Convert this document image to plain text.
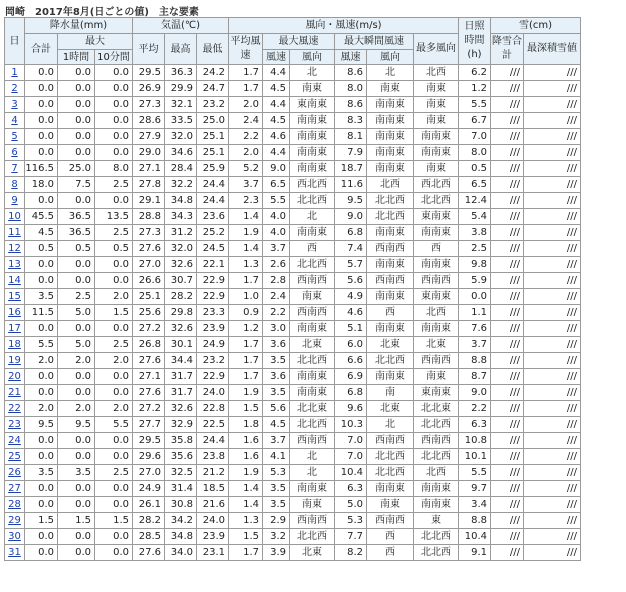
岡崎　2017年8月(日ごとの値)　主な要素
日	降水量(mm)			気温(℃)			風向・風速(m/s)						日照時間(h)	雪(cm)	
	合計	最大		平均	最高	最低	平均風速	最大風速		最大瞬間風速		最多風向		降雪合計	最深積雪値
		1時間	10分間					風速	風向	風速	風向				
1	0.0	0.0	0.0	29.5	36.3	24.2	1.7	4.4	北	8.6	北	北西	6.2	///	///
2	0.0	0.0	0.0	26.9	29.9	24.7	1.7	4.5	南東	8.0	南東	南東	1.2	///	///
3	0.0	0.0	0.0	27.3	32.1	23.2	2.0	4.4	東南東	8.6	南南東	南東	5.5	///	///
4	0.0	0.0	0.0	28.6	33.5	25.0	2.4	4.5	南南東	8.3	南南東	南東	6.7	///	///
5	0.0	0.0	0.0	27.9	32.0	25.1	2.2	4.6	南南東	8.1	南南東	南南東	7.0	///	///
6	0.0	0.0	0.0	29.0	34.6	25.1	2.0	4.4	南南東	7.9	南南東	南南東	8.0	///	///
7	116.5	25.0	8.0	27.1	28.4	25.9	5.2	9.0	南南東	18.7	南南東	南東	0.5	///	///
8	18.0	7.5	2.5	27.8	32.2	24.4	3.7	6.5	西北西	11.6	北西	西北西	6.5	///	///
9	0.0	0.0	0.0	29.1	34.8	24.4	2.3	5.5	北北西	9.5	北北西	北北西	12.4	///	///
10	45.5	36.5	13.5	28.8	34.3	23.6	1.4	4.0	北	9.0	北北西	東南東	5.4	///	///
11	4.5	36.5	2.5	27.3	31.2	25.2	1.9	4.0	南南東	6.8	南南東	南南東	3.8	///	///
12	0.5	0.5	0.5	27.6	32.0	24.5	1.4	3.7	西	7.4	西南西	西	2.5	///	///
13	0.0	0.0	0.0	27.0	32.6	22.1	1.3	2.6	北北西	5.7	南南東	南南東	9.8	///	///
14	0.0	0.0	0.0	26.6	30.7	22.9	1.7	2.8	西南西	5.6	西南西	西南西	5.9	///	///
15	3.5	2.5	2.0	25.1	28.2	22.9	1.0	2.4	南東	4.9	南南東	東南東	0.0	///	///
16	11.5	5.0	1.5	25.6	29.8	23.3	0.9	2.2	西南西	4.6	西	北西	1.1	///	///
17	0.0	0.0	0.0	27.2	32.6	23.9	1.2	3.0	南南東	5.1	南南東	南南東	7.6	///	///
18	5.5	5.0	2.5	26.8	30.1	24.9	1.7	3.6	北東	6.0	北東	北東	3.7	///	///
19	2.0	2.0	2.0	27.6	34.4	23.2	1.7	3.5	北北西	6.6	北北西	西南西	8.8	///	///
20	0.0	0.0	0.0	27.1	31.7	22.9	1.7	3.6	南南東	6.9	南南東	南東	8.7	///	///
21	0.0	0.0	0.0	27.6	31.7	24.0	1.9	3.5	南南東	6.8	南	東南東	9.0	///	///
22	2.0	2.0	2.0	27.2	32.6	22.8	1.5	5.6	北北東	9.6	北東	北北東	2.2	///	///
23	9.5	9.5	5.5	27.7	32.9	22.5	1.8	4.5	北北西	10.3	北	北北西	6.3	///	///
24	0.0	0.0	0.0	29.5	35.8	24.4	1.6	3.7	西南西	7.0	西南西	西南西	10.8	///	///
25	0.0	0.0	0.0	29.6	35.6	23.8	1.6	4.1	北	7.0	北北西	北北西	10.1	///	///
26	3.5	3.5	2.5	27.0	32.5	21.2	1.9	5.3	北	10.4	北北西	北西	5.5	///	///
27	0.0	0.0	0.0	24.9	31.4	18.5	1.4	3.5	南南東	6.3	南南東	南南東	9.7	///	///
28	0.0	0.0	0.0	26.1	30.8	21.6	1.4	3.5	南東	5.0	南東	南南東	3.4	///	///
29	1.5	1.5	1.5	28.2	34.2	24.0	1.3	2.9	西南西	5.3	西南西	東	8.8	///	///
30	0.0	0.0	0.0	28.5	34.8	23.9	1.5	3.2	北北西	7.7	西	北北西	10.4	///	///
31	0.0	0.0	0.0	27.6	34.0	23.1	1.7	3.9	北東	8.2	西	北北西	9.1	///	///
